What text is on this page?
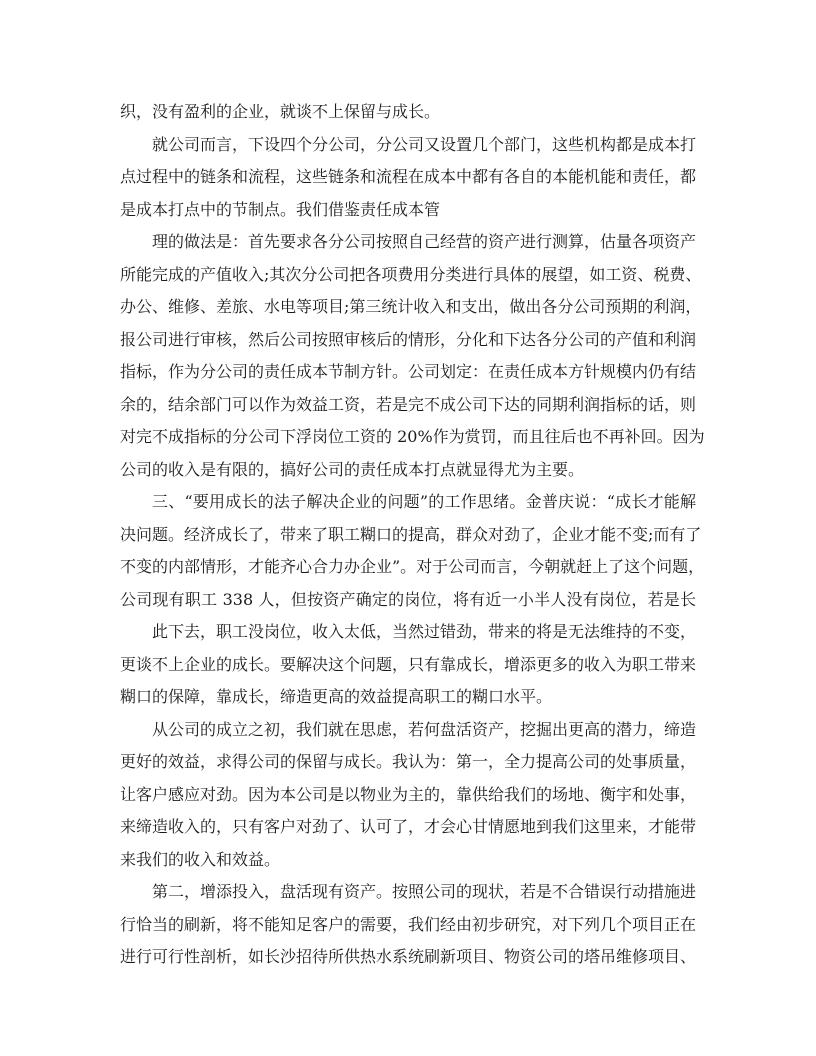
织，没有盈利的企业，就谈不上保留与成长。
就公司而言，下设四个分公司，分公司又设置几个部门，这些机构都是成本打
点过程中的链条和流程，这些链条和流程在成本中都有各自的本能机能和责任，都
是成本打点中的节制点。我们借鉴责任成本管
理的做法是：首先要求各分公司按照自己经营的资产进行测算，估量各项资产
所能完成的产值收入;其次分公司把各项费用分类进行具体的展望，如工资、税费、
办公、维修、差旅、水电等项目;第三统计收入和支出，做出各分公司预期的利润，
报公司进行审核，然后公司按照审核后的情形，分化和下达各分公司的产值和利润
指标，作为分公司的责任成本节制方针。公司划定：在责任成本方针规模内仍有结
余的，结余部门可以作为效益工资，若是完不成公司下达的同期利润指标的话，则
对完不成指标的分公司下浮岗位工资的 20%作为赏罚，而且往后也不再补回。因为
公司的收入是有限的，搞好公司的责任成本打点就显得尤为主要。
三、“要用成长的法子解决企业的问题”的工作思绪。金普庆说：“成长才能解
决问题。经济成长了，带来了职工糊口的提高，群众对劲了，企业才能不变;而有了
不变的内部情形，才能齐心合力办企业”。对于公司而言，今朝就赶上了这个问题，
公司现有职工 338 人，但按资产确定的岗位，将有近一小半人没有岗位，若是长
此下去，职工没岗位，收入太低，当然过错劲，带来的将是无法维持的不变，
更谈不上企业的成长。要解决这个问题，只有靠成长，增添更多的收入为职工带来
糊口的保障，靠成长，缔造更高的效益提高职工的糊口水平。
从公司的成立之初，我们就在思虑，若何盘活资产，挖掘出更高的潜力，缔造
更好的效益，求得公司的保留与成长。我认为：第一，全力提高公司的处事质量，
让客户感应对劲。因为本公司是以物业为主的，靠供给我们的场地、衡宇和处事，
来缔造收入的，只有客户对劲了、认可了，才会心甘情愿地到我们这里来，才能带
来我们的收入和效益。
第二，增添投入，盘活现有资产。按照公司的现状，若是不合错误行动措施进
行恰当的刷新，将不能知足客户的需要，我们经由初步研究，对下列几个项目正在
进行可行性剖析，如长沙招待所供热水系统刷新项目、物资公司的塔吊维修项目、
